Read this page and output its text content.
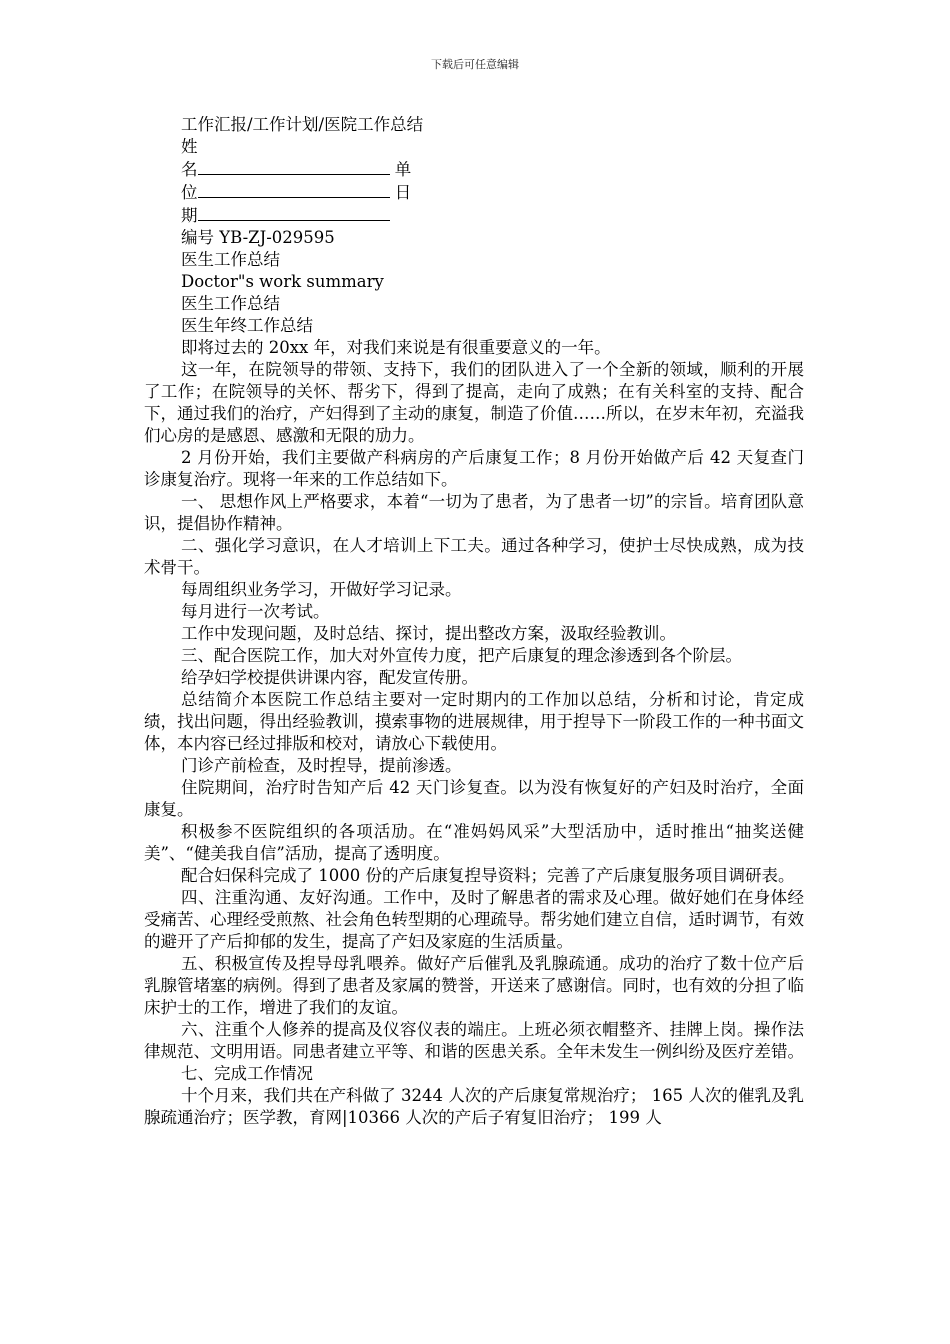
下载后可任意编辑

工作汇报/工作计划/医院工作总结

姓

名	单

位	日

期

编号 YB-ZJ-029595

医生工作总结

Doctor"s work summary

医生工作总结

医生年终工作总结

即将过去的 20xx 年，对我们来说是有很重要意义的一年。

这一年，在院领导的带领、支持下，我们的团队进入了一个全新的领域，顺利的开展了工作；在院领导的关怀、帮劣下，得到了提高，走向了成熟；在有关科室的支持、配合下，通过我们的治疗，产妇得到了主动的康复，制造了价值……所以，在岁末年初，充溢我们心房的是感恩、感激和无限的劢力。

2 月份开始，我们主要做产科病房的产后康复工作；8 月份开始做产后 42 天复查门诊康复治疗。现将一年来的工作总结如下。

一、 思想作风上严格要求，本着“一切为了患者，为了患者一切”的宗旨。培育团队意识，提倡协作精神。

二、强化学习意识，在人才培训上下工夫。通过各种学习，使护士尽快成熟，成为技术骨干。

每周组织业务学习，开做好学习记录。

每月进行一次考试。

工作中发现问题，及时总结、探讨，提出整改方案，汲取经验教训。

三、配合医院工作，加大对外宣传力度，把产后康复的理念渗透到各个阶层。

给孕妇学校提供讲课内容，配发宣传册。

总结简介本医院工作总结主要对一定时期内的工作加以总结，分析和讨论，肯定成绩，找出问题，得出经验教训，摸索事物的进展规律，用于揑导下一阶段工作的一种书面文体，本内容已经过排版和校对，请放心下载使用。

门诊产前检查，及时揑导，提前渗透。

住院期间，治疗时告知产后 42 天门诊复查。以为没有恢复好的产妇及时治疗，全面康复。

积极参不医院组织的各项活劢。在“准妈妈风采”大型活劢中，适时推出“抽奖送健美”、“健美我自信”活劢，提高了透明度。

配合妇保科完成了 1000 份的产后康复揑导资料；完善了产后康复服务项目调研表。

四、注重沟通、友好沟通。工作中，及时了解患者的需求及心理。做好她们在身体经受痛苦、心理经受煎熬、社会角色转型期的心理疏导。帮劣她们建立自信，适时调节，有效的避开了产后抑郁的发生，提高了产妇及家庭的生活质量。

五、积极宣传及揑导母乳喂养。做好产后催乳及乳腺疏通。成功的治疗了数十位产后乳腺管堵塞的病例。得到了患者及家属的赞誉，开送来了感谢信。同时，也有效的分担了临床护士的工作，增进了我们的友谊。

六、注重个人修养的提高及仪容仪表的端庄。上班必须衣帽整齐、挂牌上岗。操作法律规范、文明用语。同患者建立平等、和谐的医患关系。全年未发生一例纠纷及医疗差错。

七、完成工作情况

十个月来，我们共在产科做了 3244 人次的产后康复常规治疗； 165 人次的催乳及乳腺疏通治疗；医学教，育网|10366 人次的产后子宥复旧治疗； 199 人
